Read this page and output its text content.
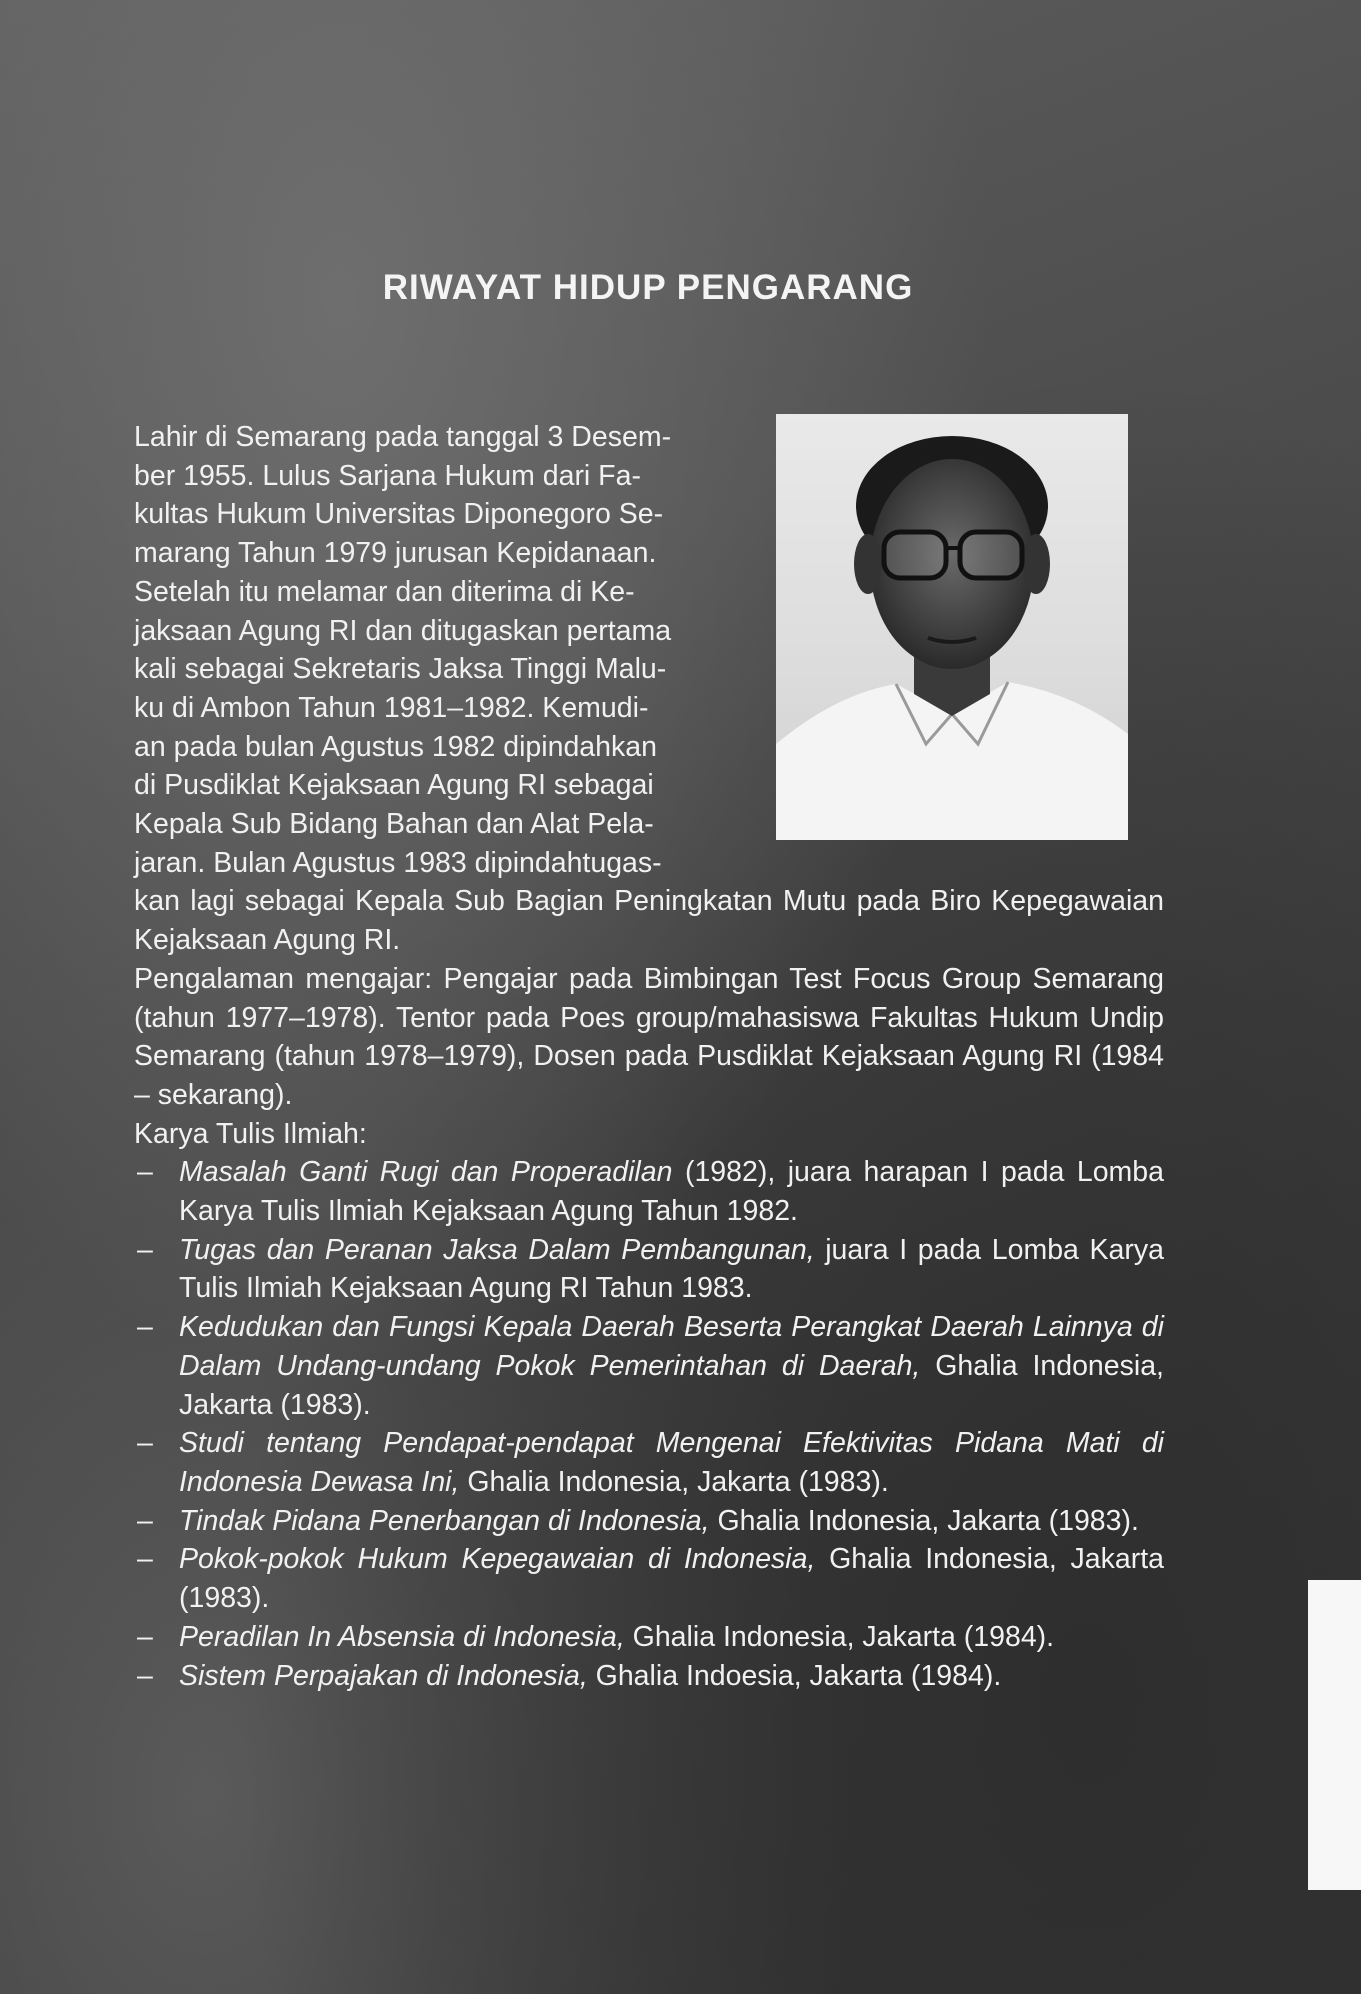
RIWAYAT HIDUP PENGARANG
Lahir di Semarang pada tanggal 3 Desem-
ber 1955. Lulus Sarjana Hukum dari Fa-
kultas Hukum Universitas Diponegoro Se-
marang Tahun 1979 jurusan Kepidanaan.
Setelah itu melamar dan diterima di Ke-
jaksaan Agung RI dan ditugaskan pertama
kali sebagai Sekretaris Jaksa Tinggi Malu-
ku di Ambon Tahun 1981–1982. Kemudi-
an pada bulan Agustus 1982 dipindahkan
di Pusdiklat Kejaksaan Agung RI sebagai
Kepala Sub Bidang Bahan dan Alat Pela-
jaran. Bulan Agustus 1983 dipindahtugas-

kan lagi sebagai Kepala Sub Bagian Peningkatan Mutu pada Biro Kepegawaian Kejaksaan Agung RI.

Pengalaman mengajar: Pengajar pada Bimbingan Test Focus Group Semarang (tahun 1977–1978). Tentor pada Poes group/mahasiswa Fakultas Hukum Undip Semarang (tahun 1978–1979), Dosen pada Pusdiklat Kejaksaan Agung RI (1984 – sekarang).

Karya Tulis Ilmiah:
– Masalah Ganti Rugi dan Properadilan (1982), juara harapan I pada Lomba Karya Tulis Ilmiah Kejaksaan Agung Tahun 1982.
– Tugas dan Peranan Jaksa Dalam Pembangunan, juara I pada Lomba Karya Tulis Ilmiah Kejaksaan Agung RI Tahun 1983.
– Kedudukan dan Fungsi Kepala Daerah Beserta Perangkat Daerah Lainnya di Dalam Undang-undang Pokok Pemerintahan di Daerah, Ghalia Indonesia, Jakarta (1983).
– Studi tentang Pendapat-pendapat Mengenai Efektivitas Pidana Mati di Indonesia Dewasa Ini, Ghalia Indonesia, Jakarta (1983).
– Tindak Pidana Penerbangan di Indonesia, Ghalia Indonesia, Jakarta (1983).
– Pokok-pokok Hukum Kepegawaian di Indonesia, Ghalia Indonesia, Jakarta (1983).
– Peradilan In Absensia di Indonesia, Ghalia Indonesia, Jakarta (1984).
– Sistem Perpajakan di Indonesia, Ghalia Indoesia, Jakarta (1984).
